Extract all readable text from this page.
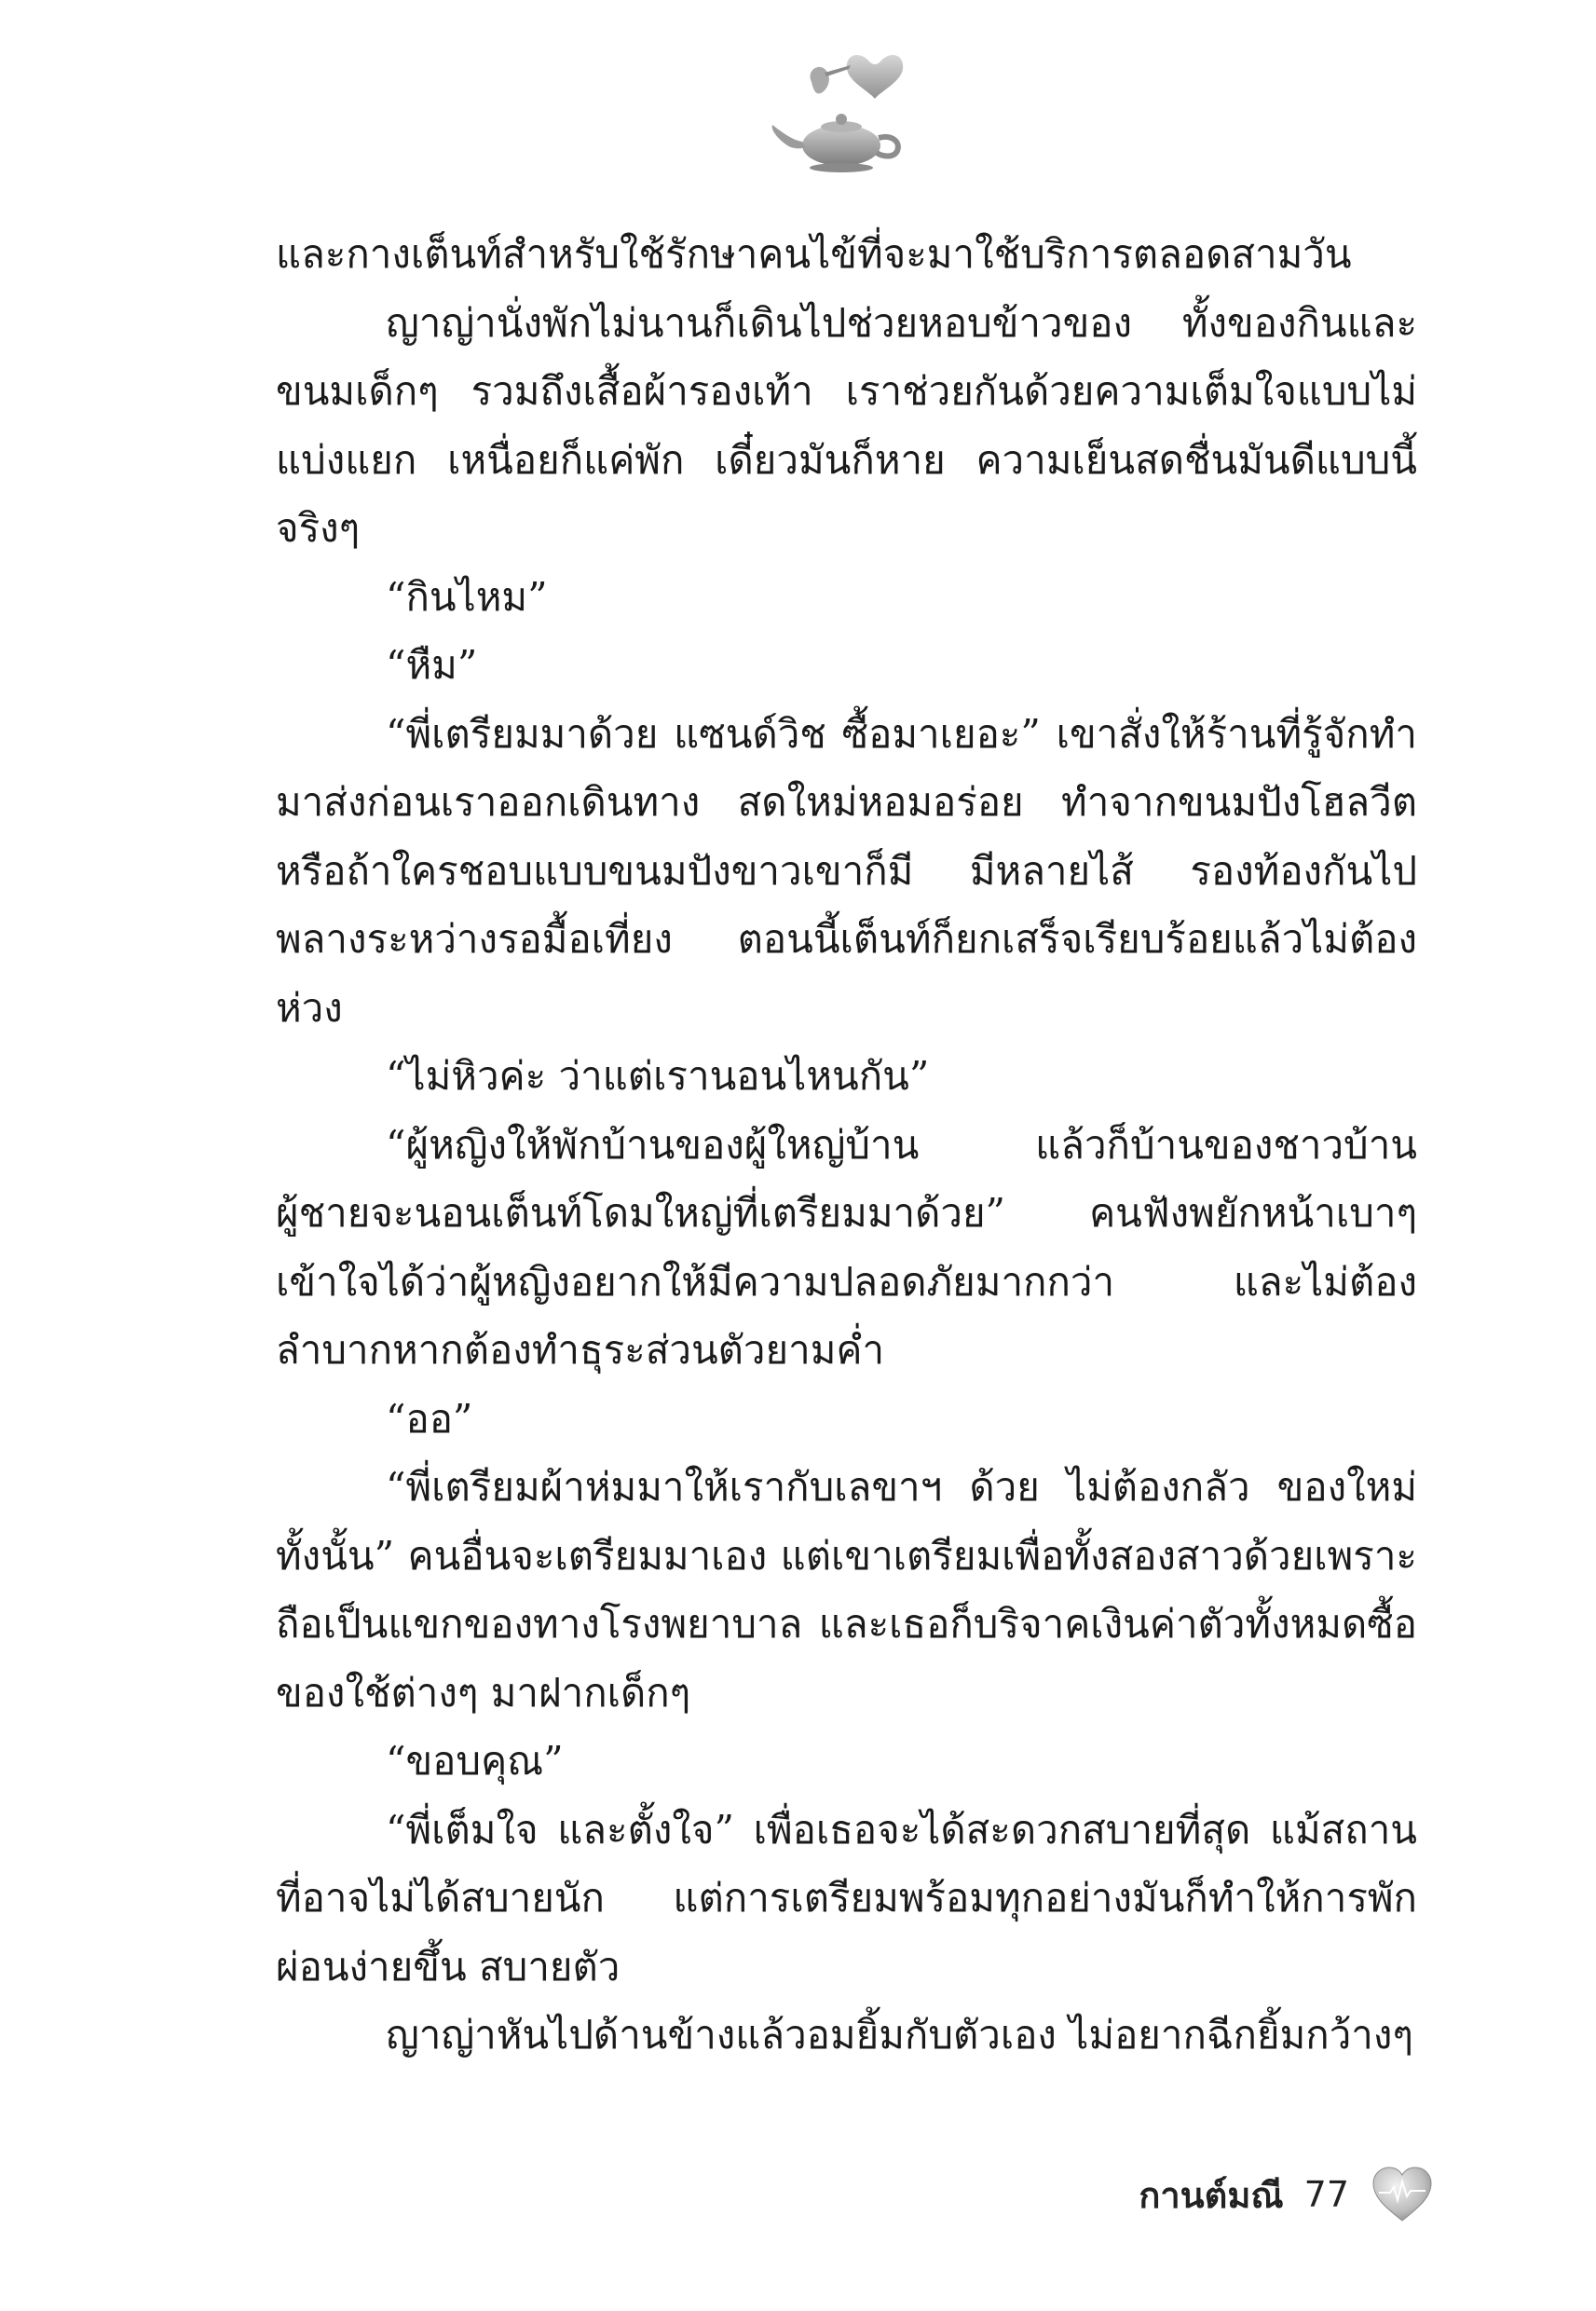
และกางเต็นท์สำหรับใช้รักษาคนไข้ที่จะมาใช้บริการตลอดสามวัน

ญาญ่านั่งพักไม่นานก็เดินไปช่วยหอบข้าวของ ทั้งของกินและขนมเด็กๆ รวมถึงเสื้อผ้ารองเท้า เราช่วยกันด้วยความเต็มใจแบบไม่แบ่งแยก เหนื่อยก็แค่พัก เดี๋ยวมันก็หาย ความเย็นสดชื่นมันดีแบบนี้จริงๆ

“กินไหม”

“หืม”

“พี่เตรียมมาด้วย แซนด์วิช ซื้อมาเยอะ” เขาสั่งให้ร้านที่รู้จักทำมาส่งก่อนเราออกเดินทาง สดใหม่หอมอร่อย ทำจากขนมปังโฮลวีตหรือถ้าใครชอบแบบขนมปังขาวเขาก็มี มีหลายไส้ รองท้องกันไปพลางระหว่างรอมื้อเที่ยง ตอนนี้เต็นท์ก็ยกเสร็จเรียบร้อยแล้วไม่ต้องห่วง

“ไม่หิวค่ะ ว่าแต่เรานอนไหนกัน”

“ผู้หญิงให้พักบ้านของผู้ใหญ่บ้าน แล้วก็บ้านของชาวบ้าน ผู้ชายจะนอนเต็นท์โดมใหญ่ที่เตรียมมาด้วย” คนฟังพยักหน้าเบาๆ เข้าใจได้ว่าผู้หญิงอยากให้มีความปลอดภัยมากกว่า และไม่ต้องลำบากหากต้องทำธุระส่วนตัวยามค่ำ

“ออ”

“พี่เตรียมผ้าห่มมาให้เรากับเลขาฯ ด้วย ไม่ต้องกลัว ของใหม่ทั้งนั้น” คนอื่นจะเตรียมมาเอง แต่เขาเตรียมเพื่อทั้งสองสาวด้วยเพราะถือเป็นแขกของทางโรงพยาบาล และเธอก็บริจาคเงินค่าตัวทั้งหมดซื้อของใช้ต่างๆ มาฝากเด็กๆ

“ขอบคุณ”

“พี่เต็มใจ และตั้งใจ” เพื่อเธอจะได้สะดวกสบายที่สุด แม้สถานที่อาจไม่ได้สบายนัก แต่การเตรียมพร้อมทุกอย่างมันก็ทำให้การพักผ่อนง่ายขึ้น สบายตัว

ญาญ่าหันไปด้านข้างแล้วอมยิ้มกับตัวเอง ไม่อยากฉีกยิ้มกว้างๆ

กานต์มณี 77
